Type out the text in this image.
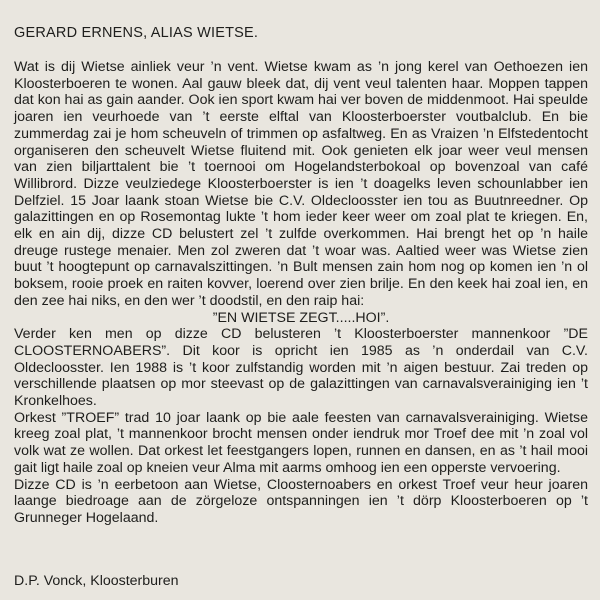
GERARD ERNENS, ALIAS WIETSE.

Wat is dij Wietse ainliek veur ’n vent. Wietse kwam as ’n jong kerel van Oethoezen ien Kloosterboeren te wonen. Aal gauw bleek dat, dij vent veul talenten haar. Moppen tappen dat kon hai as gain aander. Ook ien sport kwam hai ver boven de middenmoot. Hai speulde joaren ien veurhoede van ’t eerste elftal van Kloosterboerster voutbalclub. En bie zummerdag zai je hom scheuveln of trimmen op asfaltweg. En as Vraizen ’n Elfstedentocht organiseren den scheuvelt Wietse fluitend mit. Ook genieten elk joar weer veul mensen van zien biljarttalent bie ’t toernooi om Hogelandsterbokoal op bovenzoal van café Willibrord. Dizze veulziedege Kloosterboerster is ien ’t doagelks leven schounlabber ien Delfziel. 15 Joar laank stoan Wietse bie C.V. Oldecloosster ien tou as Buutnreedner. Op galazittingen en op Rosemontag lukte ’t hom ieder keer weer om zoal plat te kriegen. En, elk en ain dij, dizze CD belustert zel ’t zulfde overkommen. Hai brengt het op ’n haile dreuge rustege menaier. Men zol zweren dat ’t woar was. Aaltied weer was Wietse zien buut ’t hoogtepunt op carnavalszittingen. ’n Bult mensen zain hom nog op komen ien ’n ol boksem, rooie proek en raiten kovver, loerend over zien brilje. En den keek hai zoal ien, en den zee hai niks, en den wer ’t doodstil, en den raip hai:

”EN WIETSE ZEGT.....HOI”.

Verder ken men op dizze CD belusteren ’t Kloosterboerster mannenkoor ”DE CLOOSTERNOABERS”. Dit koor is opricht ien 1985 as ’n onderdail van C.V. Oldecloosster. Ien 1988 is ’t koor zulfstandig worden mit ’n aigen bestuur. Zai treden op verschillende plaatsen op mor steevast op de galazittingen van carnavalsverainiging ien ’t Kronkelhoes.

Orkest ”TROEF” trad 10 joar laank op bie aale feesten van carnavalsverainiging. Wietse kreeg zoal plat, ’t mannenkoor brocht mensen onder iendruk mor Troef dee mit ’n zoal vol volk wat ze wollen. Dat orkest let feestgangers lopen, runnen en dansen, en as ’t hail mooi gait ligt haile zoal op kneien veur Alma mit aarms omhoog ien een opperste vervoering.

Dizze CD is ’n eerbetoon aan Wietse, Cloosternoabers en orkest Troef veur heur joaren laange biedroage aan de zörgeloze ontspanningen ien ’t dörp Kloosterboeren op ’t Grunneger Hogelaand.

D.P. Vonck, Kloosterburen
